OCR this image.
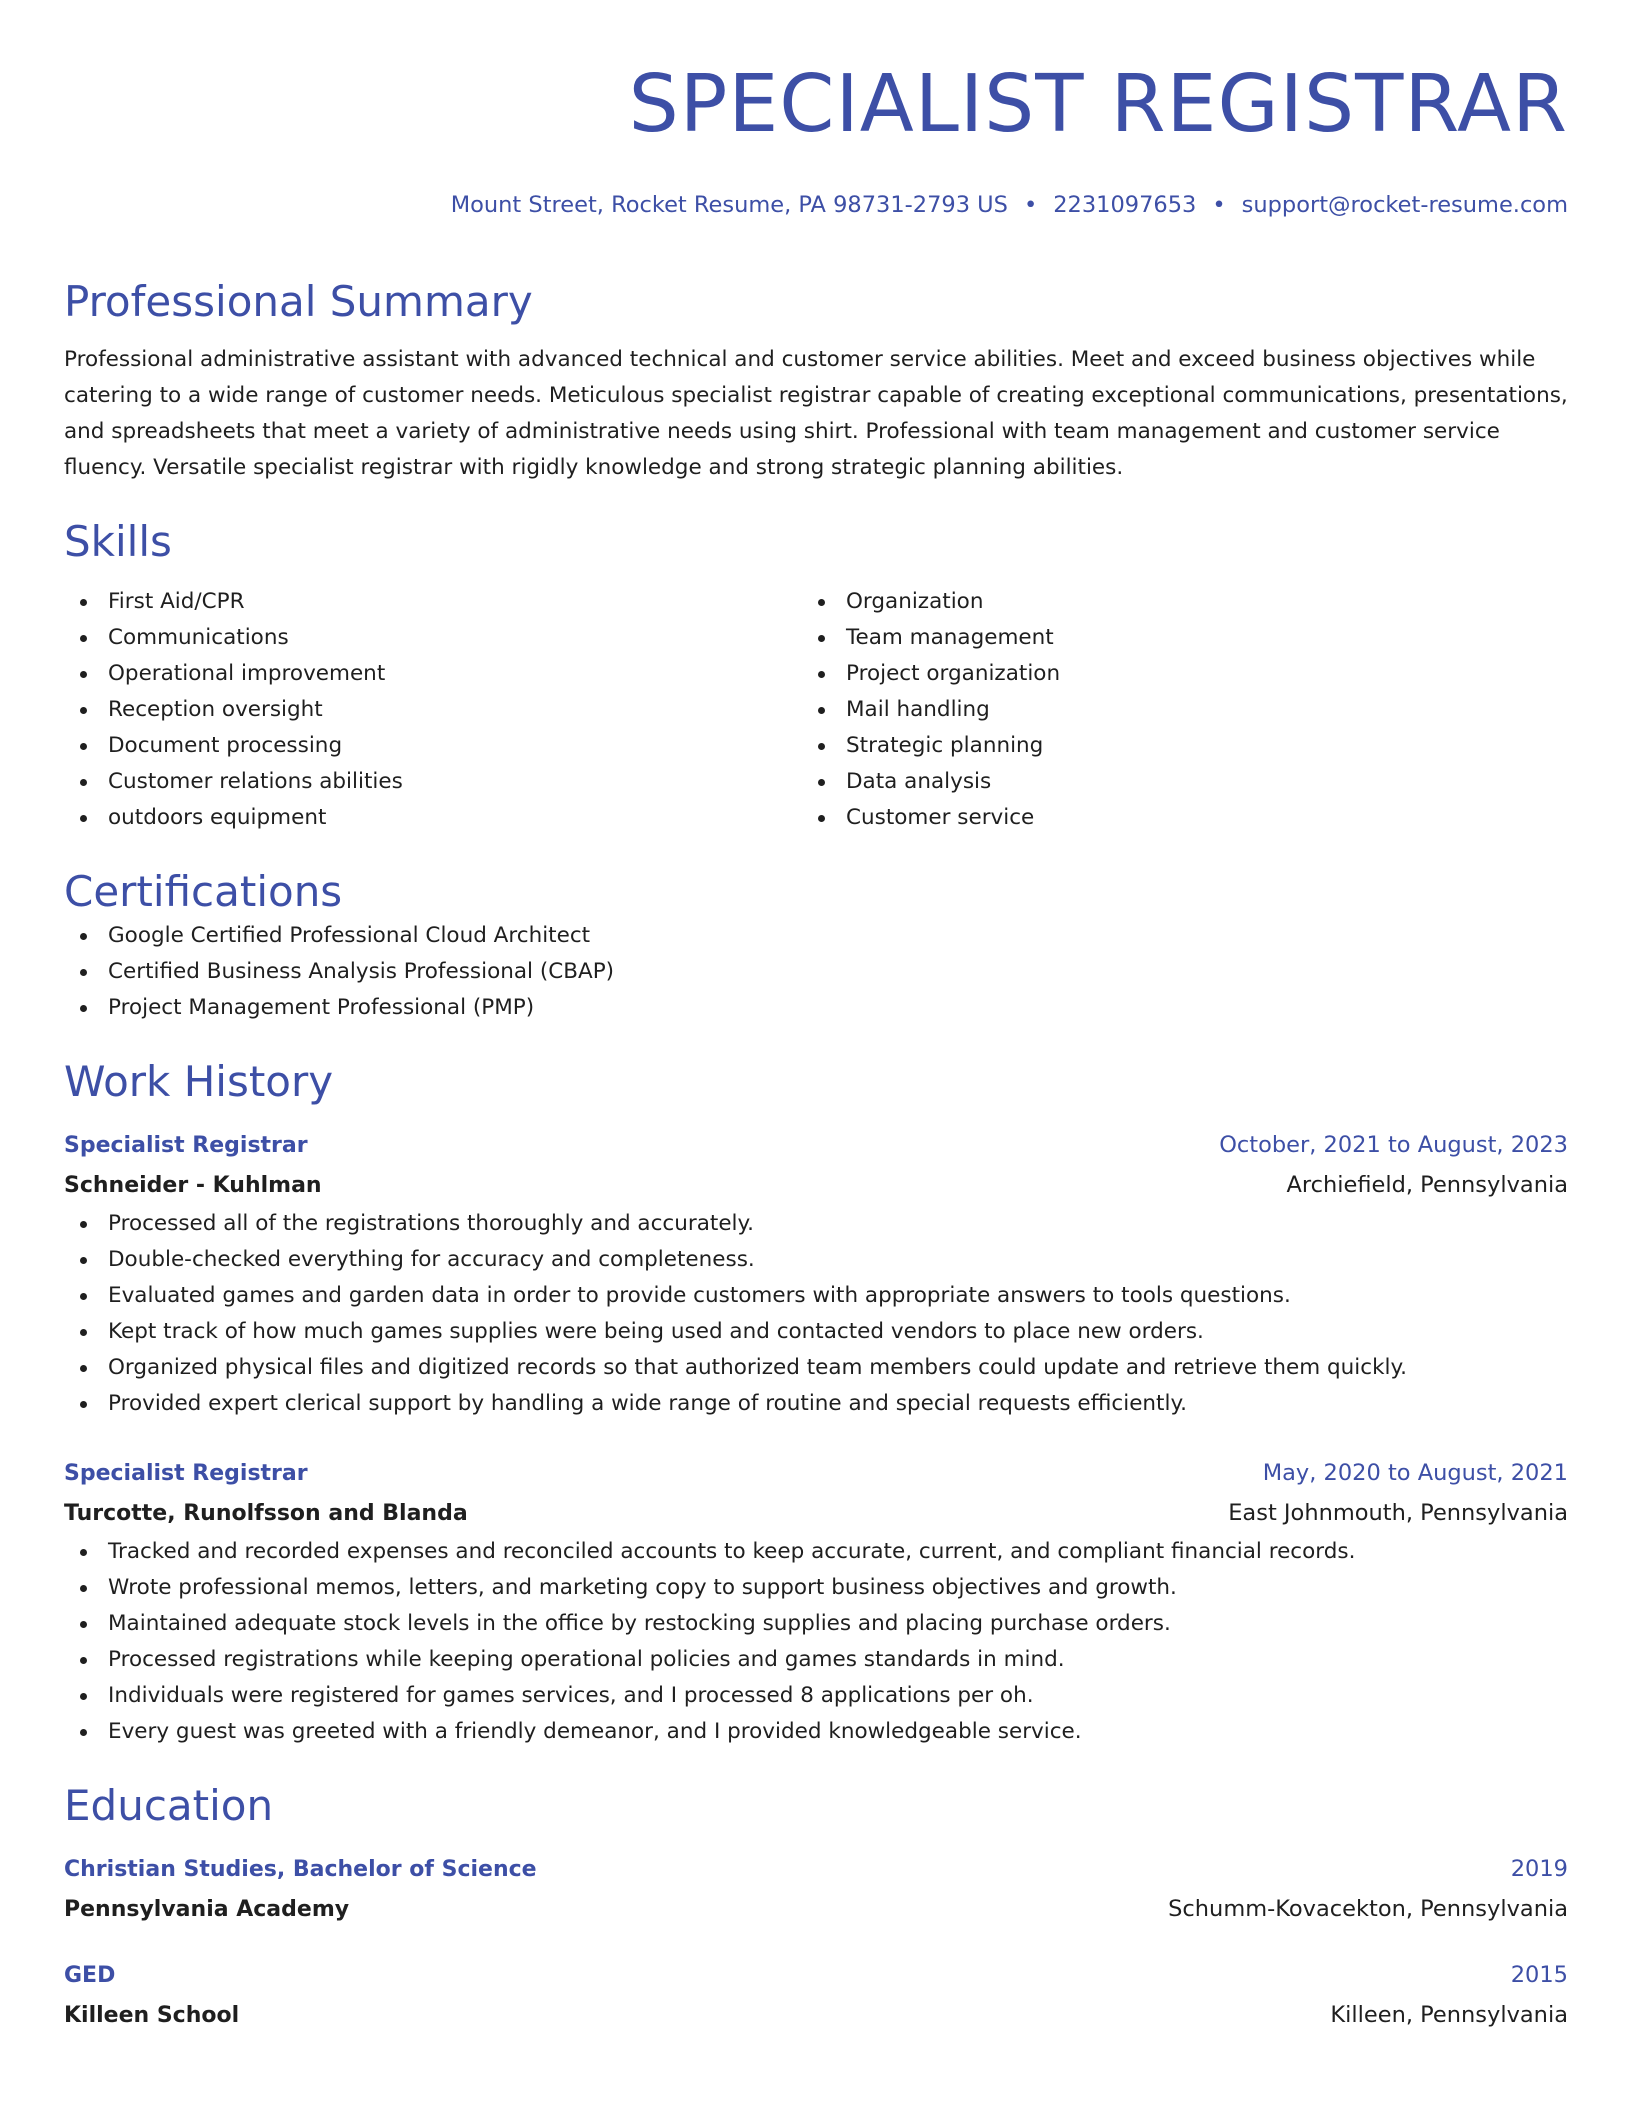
SPECIALIST REGISTRAR
Mount Street, Rocket Resume, PA 98731-2793 US • 2231097653 • support@rocket-resume.com
Professional Summary
Professional administrative assistant with advanced technical and customer service abilities. Meet and exceed business objectives while catering to a wide range of customer needs. Meticulous specialist registrar capable of creating exceptional communications, presentations, and spreadsheets that meet a variety of administrative needs using shirt. Professional with team management and customer service fluency. Versatile specialist registrar with rigidly knowledge and strong strategic planning abilities.
Skills
First Aid/CPR
Communications
Operational improvement
Reception oversight
Document processing
Customer relations abilities
outdoors equipment
Organization
Team management
Project organization
Mail handling
Strategic planning
Data analysis
Customer service
Certifications
Google Certified Professional Cloud Architect
Certified Business Analysis Professional (CBAP)
Project Management Professional (PMP)
Work History
Specialist Registrar	October, 2021 to August, 2023
Schneider - Kuhlman	Archiefield, Pennsylvania
Processed all of the registrations thoroughly and accurately.
Double-checked everything for accuracy and completeness.
Evaluated games and garden data in order to provide customers with appropriate answers to tools questions.
Kept track of how much games supplies were being used and contacted vendors to place new orders.
Organized physical files and digitized records so that authorized team members could update and retrieve them quickly.
Provided expert clerical support by handling a wide range of routine and special requests efficiently.
Specialist Registrar	May, 2020 to August, 2021
Turcotte, Runolfsson and Blanda	East Johnmouth, Pennsylvania
Tracked and recorded expenses and reconciled accounts to keep accurate, current, and compliant financial records.
Wrote professional memos, letters, and marketing copy to support business objectives and growth.
Maintained adequate stock levels in the office by restocking supplies and placing purchase orders.
Processed registrations while keeping operational policies and games standards in mind.
Individuals were registered for games services, and I processed 8 applications per oh.
Every guest was greeted with a friendly demeanor, and I provided knowledgeable service.
Education
Christian Studies, Bachelor of Science	2019
Pennsylvania Academy	Schumm-Kovacekton, Pennsylvania
GED	2015
Killeen School	Killeen, Pennsylvania
